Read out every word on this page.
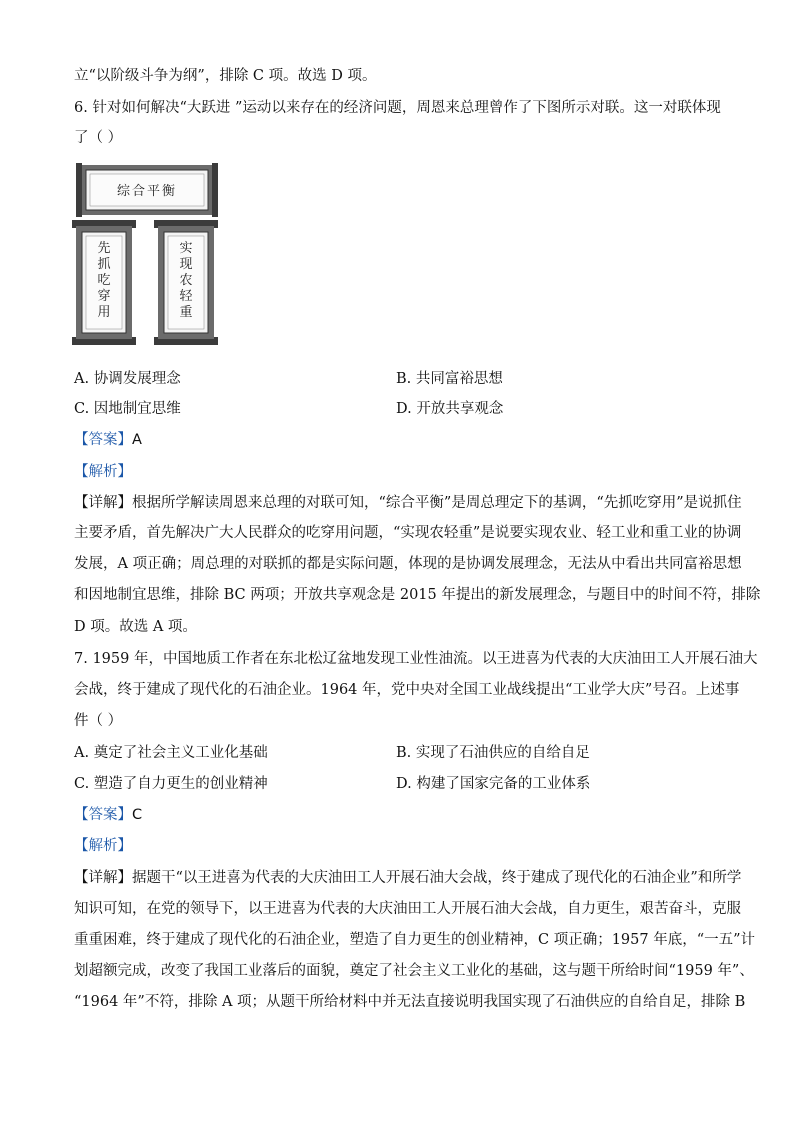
立“以阶级斗争为纲”，排除 C 项。故选 D 项。
6. 针对如何解决“大跃进 ”运动以来存在的经济问题，周恩来总理曾作了下图所示对联。这一对联体现
了（ ）
综合平衡
先
抓
吃
穿
用
实
现
农
轻
重
A. 协调发展理念	B. 共同富裕思想
C. 因地制宜思维	D. 开放共享观念
【答案】A
【解析】
【详解】根据所学解读周恩来总理的对联可知，“综合平衡”是周总理定下的基调，“先抓吃穿用”是说抓住
主要矛盾，首先解决广大人民群众的吃穿用问题，“实现农轻重”是说要实现农业、轻工业和重工业的协调
发展，A 项正确；周总理的对联抓的都是实际问题，体现的是协调发展理念，无法从中看出共同富裕思想
和因地制宜思维，排除 BC 两项；开放共享观念是 2015 年提出的新发展理念，与题目中的时间不符，排除
D 项。故选 A 项。
7. 1959 年，中国地质工作者在东北松辽盆地发现工业性油流。以王进喜为代表的大庆油田工人开展石油大
会战，终于建成了现代化的石油企业。1964 年，党中央对全国工业战线提出“工业学大庆”号召。上述事
件（ ）
A. 奠定了社会主义工业化基础	B. 实现了石油供应的自给自足
C. 塑造了自力更生的创业精神	D. 构建了国家完备的工业体系
【答案】C
【解析】
【详解】据题干“以王进喜为代表的大庆油田工人开展石油大会战，终于建成了现代化的石油企业”和所学
知识可知，在党的领导下，以王进喜为代表的大庆油田工人开展石油大会战，自力更生，艰苦奋斗，克服
重重困难，终于建成了现代化的石油企业，塑造了自力更生的创业精神，C 项正确；1957 年底，“一五”计
划超额完成，改变了我国工业落后的面貌，奠定了社会主义工业化的基础，这与题干所给时间“1959 年”、
“1964 年”不符，排除 A 项；从题干所给材料中并无法直接说明我国实现了石油供应的自给自足，排除 B
